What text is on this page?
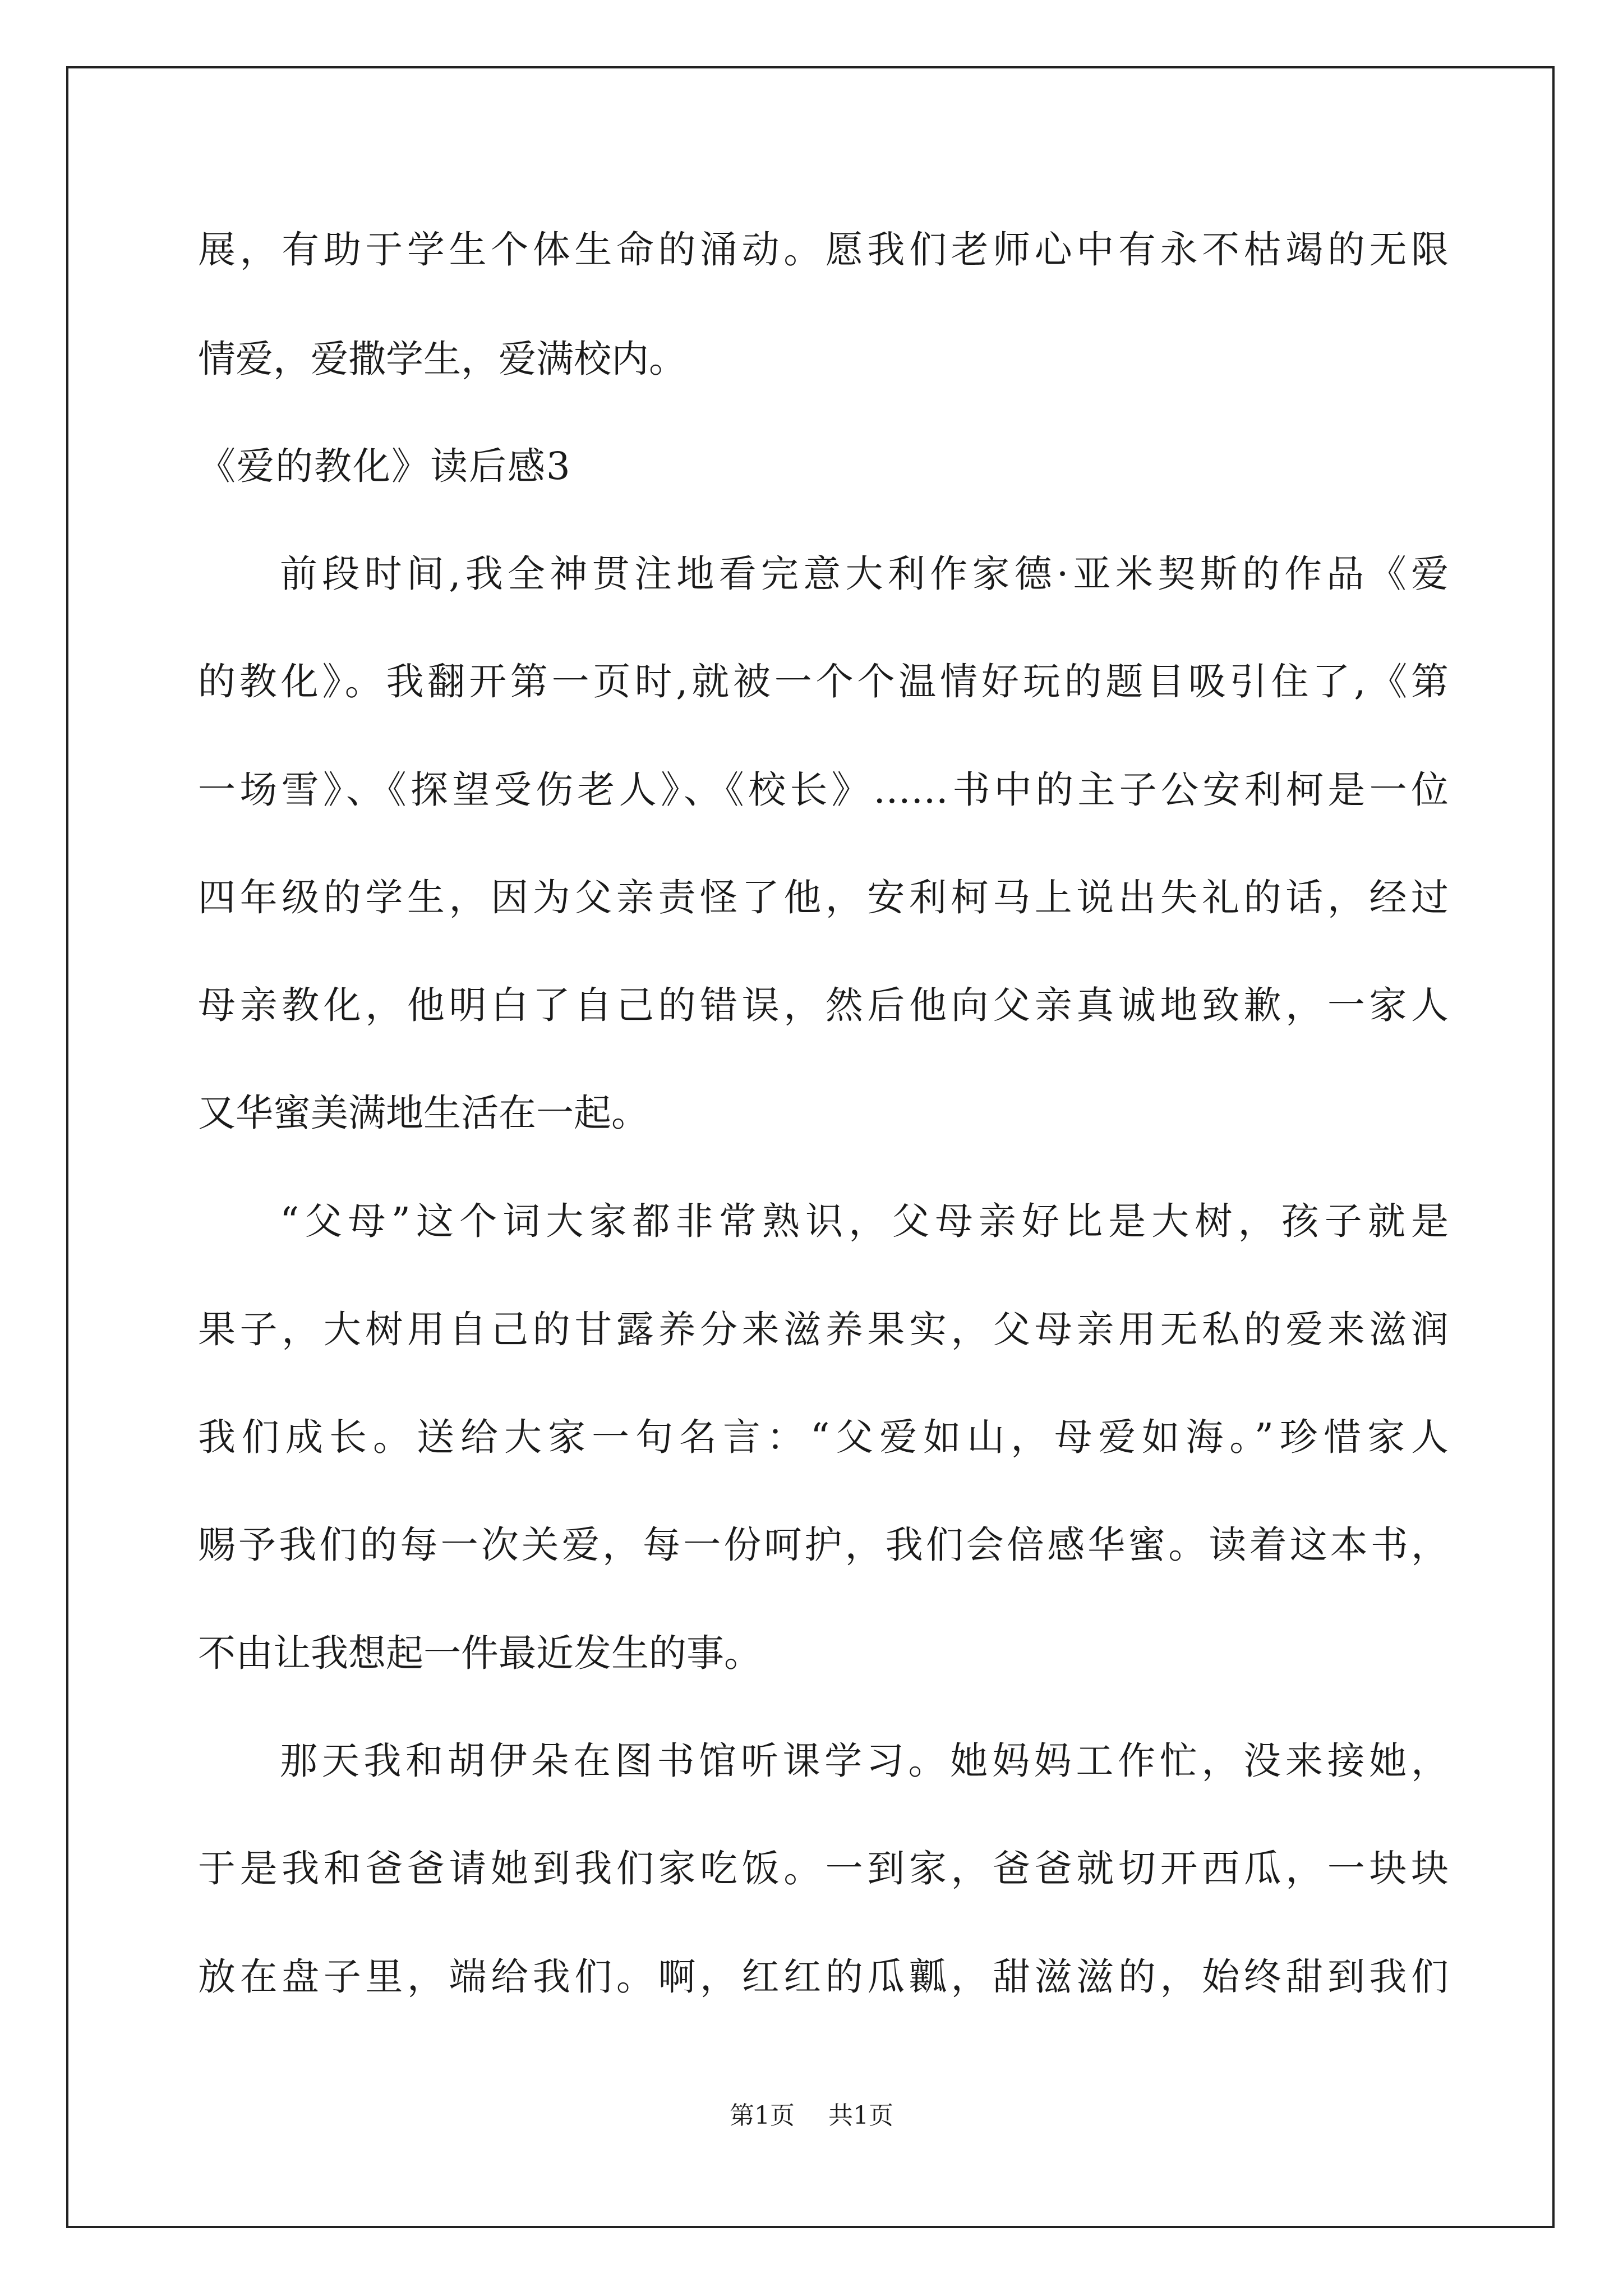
展，有助于学生个体生命的涌动。愿我们老师心中有永不枯竭的无限
情爱，爱撒学生，爱满校内。
《爱的教化》读后感3
前段时间,我全神贯注地看完意大利作家德·亚米契斯的作品《爱
的教化》。我翻开第一页时,就被一个个温情好玩的题目吸引住了,《第
一场雪》、《探望受伤老人》、《校长》……书中的主子公安利柯是一位
四年级的学生，因为父亲责怪了他，安利柯马上说出失礼的话，经过
母亲教化，他明白了自己的错误，然后他向父亲真诚地致歉，一家人
又华蜜美满地生活在一起。
“父母”这个词大家都非常熟识，父母亲好比是大树，孩子就是
果子，大树用自己的甘露养分来滋养果实，父母亲用无私的爱来滋润
我们成长。送给大家一句名言：“父爱如山，母爱如海。”珍惜家人
赐予我们的每一次关爱，每一份呵护，我们会倍感华蜜。读着这本书，
不由让我想起一件最近发生的事。
那天我和胡伊朵在图书馆听课学习。她妈妈工作忙，没来接她，
于是我和爸爸请她到我们家吃饭。一到家，爸爸就切开西瓜，一块块
放在盘子里，端给我们。啊，红红的瓜瓤，甜滋滋的，始终甜到我们
第1页 共1页
